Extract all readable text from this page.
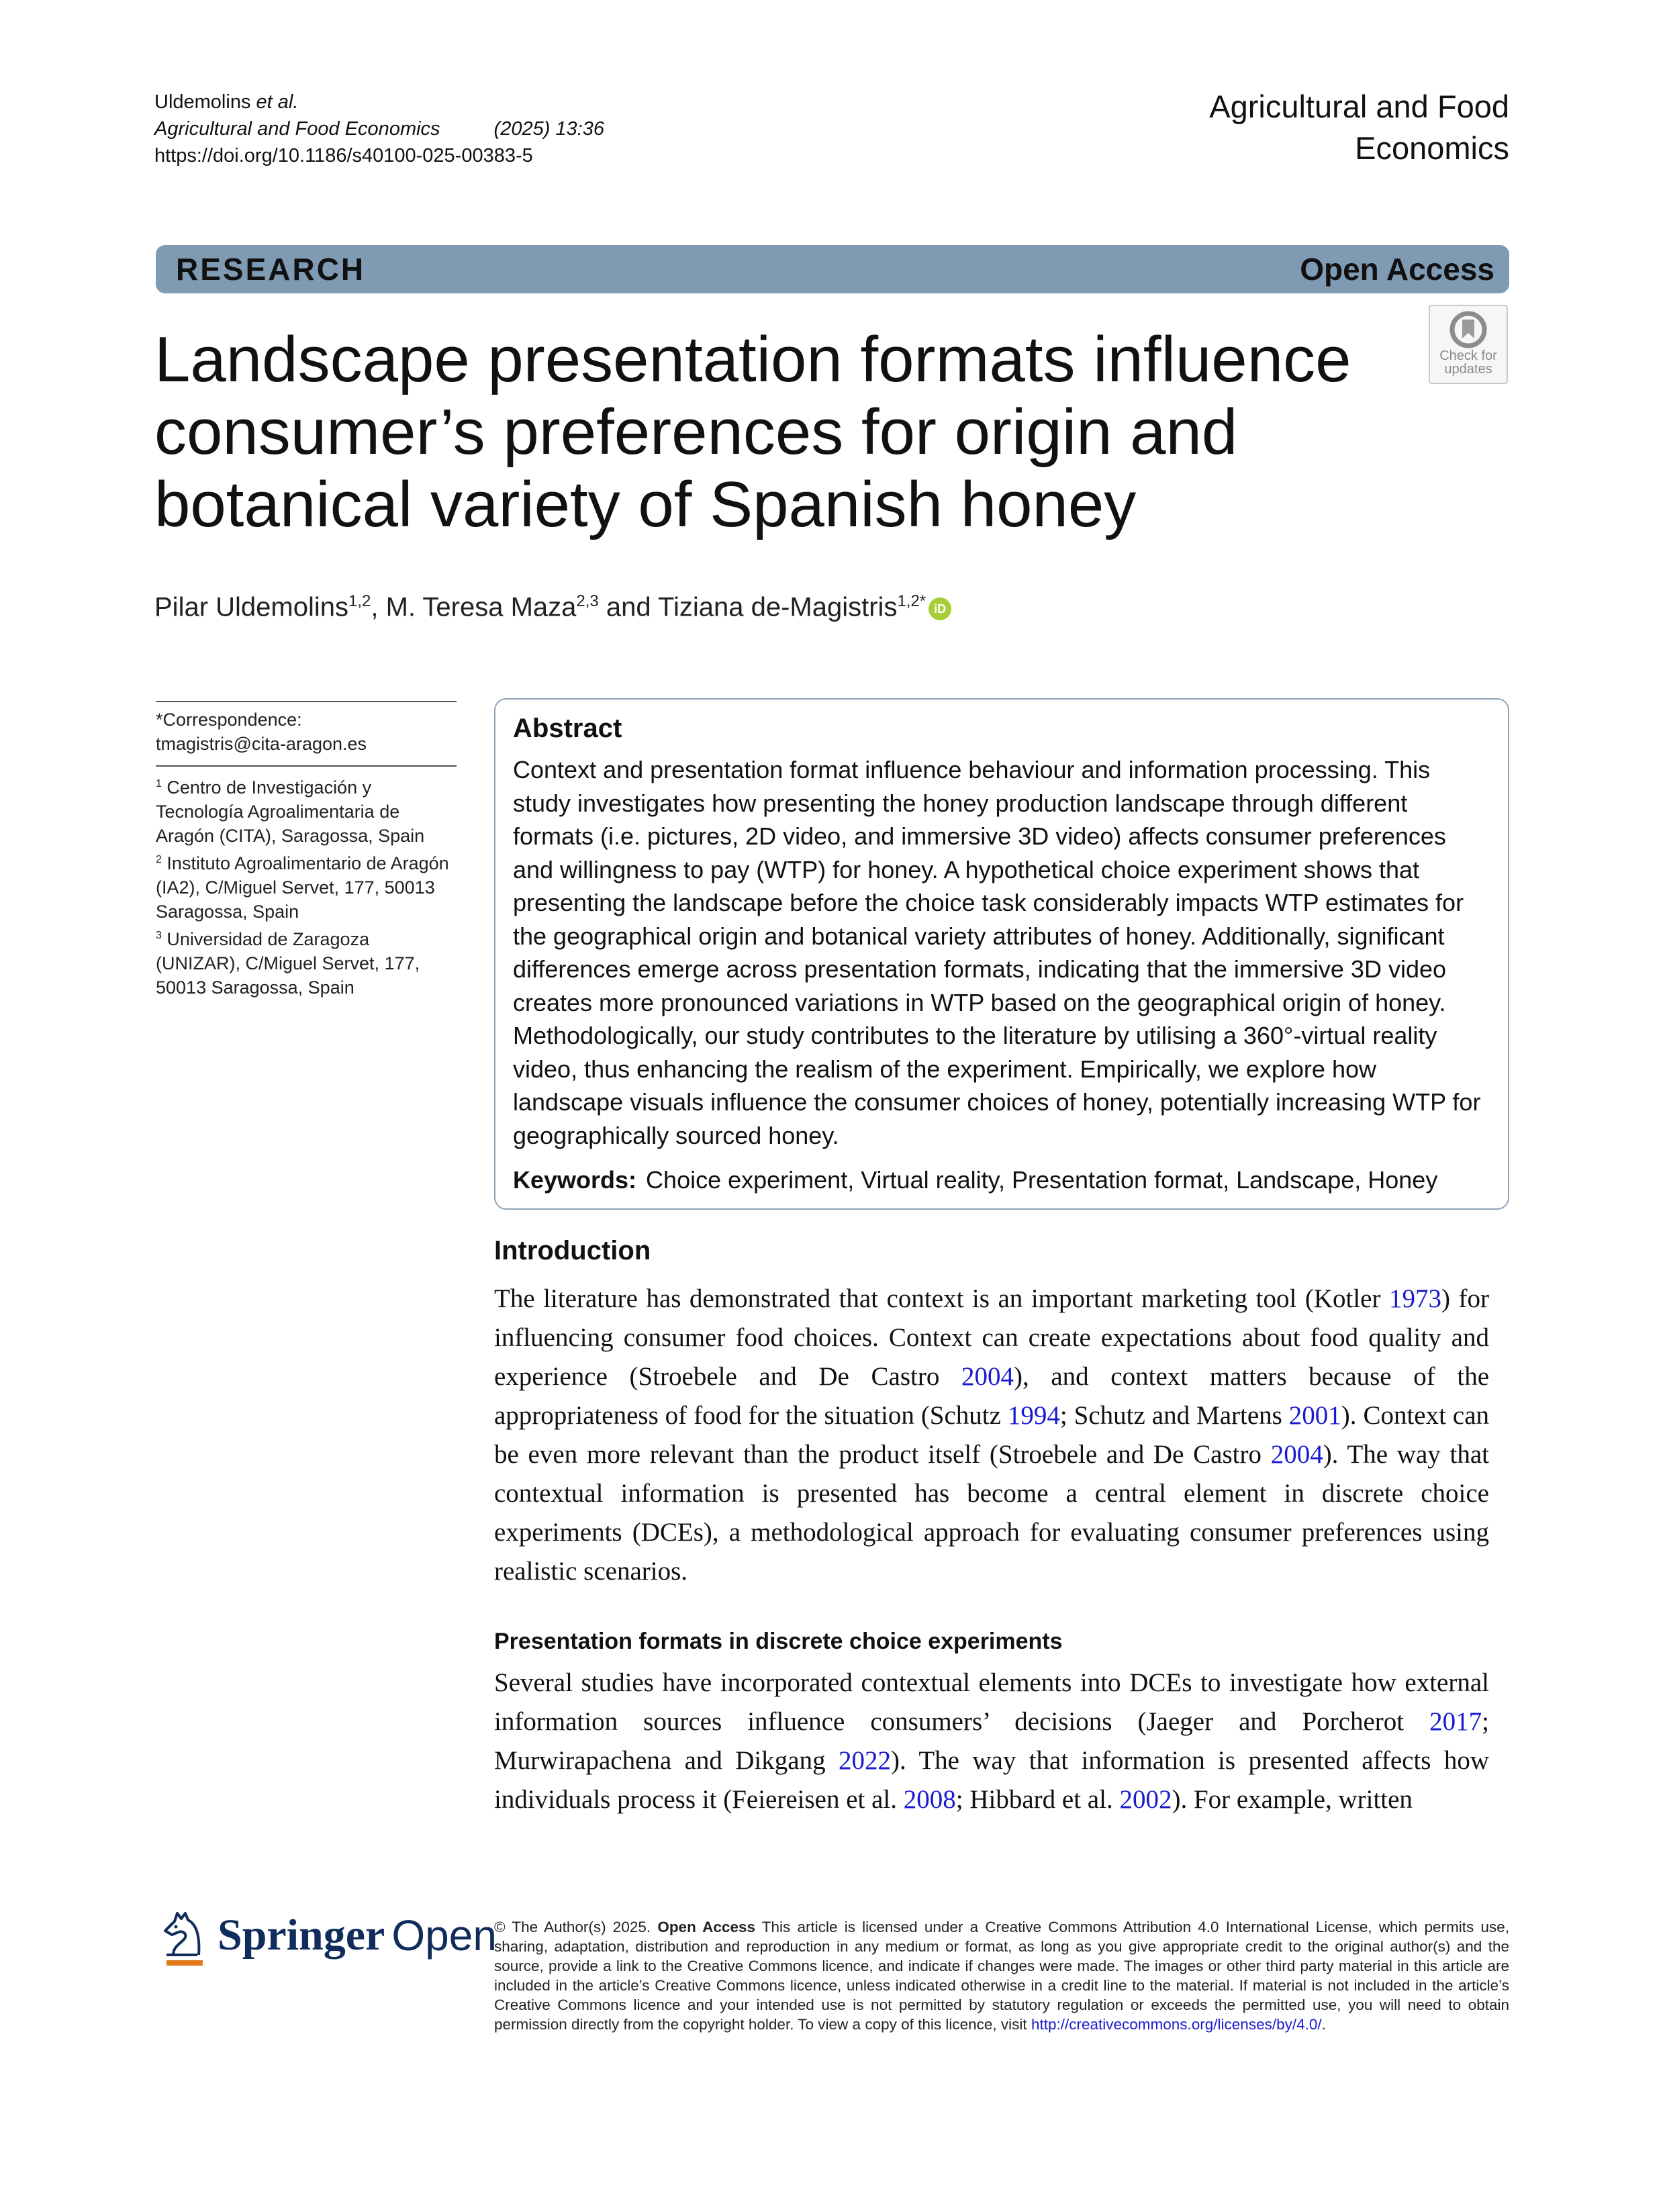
Uldemolins et al.
Agricultural and Food Economics	(2025) 13:36
https://doi.org/10.1186/s40100-025-00383-5
Agricultural and Food
Economics
RESEARCH	Open Access
Landscape presentation formats influence consumer’s preferences for origin and botanical variety of Spanish honey
Check for
updates
Pilar Uldemolins$^{1,2}$, M. Teresa Maza$^{2,3}$ and Tiziana de-Magistris$^{1,2*}$ iD
*Correspondence:
tmagistris@cita-aragon.es
$^1$ Centro de Investigación y Tecnología Agroalimentaria de Aragón (CITA), Saragossa, Spain
$^2$ Instituto Agroalimentario de Aragón (IA2), C/Miguel Servet, 177, 50013 Saragossa, Spain
$^3$ Universidad de Zaragoza (UNIZAR), C/Miguel Servet, 177, 50013 Saragossa, Spain
Abstract
Context and presentation format influence behaviour and information processing. This study investigates how presenting the honey production landscape through different formats (i.e. pictures, 2D video, and immersive 3D video) affects consumer preferences and willingness to pay (WTP) for honey. A hypothetical choice experiment shows that presenting the landscape before the choice task considerably impacts WTP estimates for the geographical origin and botanical variety attributes of honey. Additionally, significant differences emerge across presentation formats, indicating that the immersive 3D video creates more pronounced variations in WTP based on the geographical origin of honey. Methodologically, our study contributes to the literature by utilising a 360°-virtual reality video, thus enhancing the realism of the experiment. Empirically, we explore how landscape visuals influence the consumer choices of honey, potentially increasing WTP for geographically sourced honey.
Keywords: Choice experiment, Virtual reality, Presentation format, Landscape, Honey
Introduction
The literature has demonstrated that context is an important marketing tool (Kotler 1973) for influencing consumer food choices. Context can create expectations about food quality and experience (Stroebele and De Castro 2004), and context matters because of the appropriateness of food for the situation (Schutz 1994; Schutz and Martens 2001). Context can be even more relevant than the product itself (Stroebele and De Castro 2004). The way that contextual information is presented has become a central element in discrete choice experiments (DCEs), a methodological approach for evaluating consumer preferences using realistic scenarios.
Presentation formats in discrete choice experiments
Several studies have incorporated contextual elements into DCEs to investigate how external information sources influence consumers’ decisions (Jaeger and Porcherot 2017; Murwirapachena and Dikgang 2022). The way that information is presented affects how individuals process it (Feiereisen et al. 2008; Hibbard et al. 2002). For example, written
Springer Open
© The Author(s) 2025. Open Access This article is licensed under a Creative Commons Attribution 4.0 International License, which permits use, sharing, adaptation, distribution and reproduction in any medium or format, as long as you give appropriate credit to the original author(s) and the source, provide a link to the Creative Commons licence, and indicate if changes were made. The images or other third party material in this article are included in the article’s Creative Commons licence, unless indicated otherwise in a credit line to the material. If material is not included in the article’s Creative Commons licence and your intended use is not permitted by statutory regulation or exceeds the permitted use, you will need to obtain permission directly from the copyright holder. To view a copy of this licence, visit http://creativecommons.org/licenses/by/4.0/.
